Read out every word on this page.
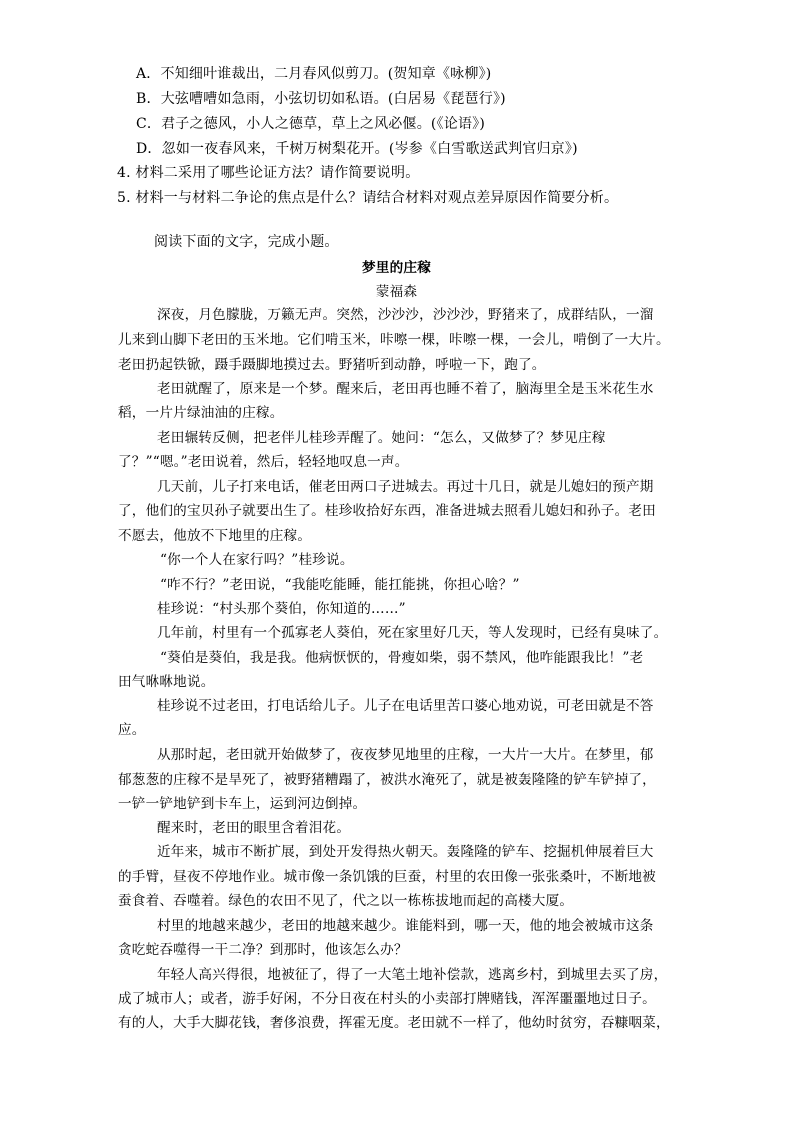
A．不知细叶谁裁出，二月春风似剪刀。(贺知章《咏柳》)
B．大弦嘈嘈如急雨，小弦切切如私语。(白居易《琵琶行》)
C．君子之德风，小人之德草，草上之风必偃。(《论语》)
D．忽如一夜春风来，千树万树梨花开。(岑参《白雪歌送武判官归京》)
4. 材料二采用了哪些论证方法？请作简要说明。
5. 材料一与材料二争论的焦点是什么？请结合材料对观点差异原因作简要分析。
阅读下面的文字，完成小题。
梦里的庄稼
蒙福森
深夜，月色朦胧，万籁无声。突然，沙沙沙，沙沙沙，野猪来了，成群结队，一溜
儿来到山脚下老田的玉米地。它们啃玉米，咔嚓一棵，咔嚓一棵，一会儿，啃倒了一大片。
老田扔起铁锨，蹑手蹑脚地摸过去。野猪听到动静，呼啦一下，跑了。
老田就醒了，原来是一个梦。醒来后，老田再也睡不着了，脑海里全是玉米花生水
稻，一片片绿油油的庄稼。
老田辗转反侧，把老伴儿桂珍弄醒了。她问：“怎么，又做梦了？梦见庄稼
了？”“嗯。”老田说着，然后，轻轻地叹息一声。
几天前，儿子打来电话，催老田两口子进城去。再过十几日，就是儿媳妇的预产期
了，他们的宝贝孙子就要出生了。桂珍收拾好东西，准备进城去照看儿媳妇和孙子。老田
不愿去，他放不下地里的庄稼。
“你一个人在家行吗？”桂珍说。
“咋不行？”老田说，“我能吃能睡，能扛能挑，你担心啥？”
桂珍说：“村头那个葵伯，你知道的……”
几年前，村里有一个孤寡老人葵伯，死在家里好几天，等人发现时，已经有臭味了。
“葵伯是葵伯，我是我。他病恹恹的，骨瘦如柴，弱不禁风，他咋能跟我比！”老
田气咻咻地说。
桂珍说不过老田，打电话给儿子。儿子在电话里苦口婆心地劝说，可老田就是不答
应。
从那时起，老田就开始做梦了，夜夜梦见地里的庄稼，一大片一大片。在梦里，郁
郁葱葱的庄稼不是旱死了，被野猪糟蹋了，被洪水淹死了，就是被轰隆隆的铲车铲掉了，
一铲一铲地铲到卡车上，运到河边倒掉。
醒来时，老田的眼里含着泪花。
近年来，城市不断扩展，到处开发得热火朝天。轰隆隆的铲车、挖掘机伸展着巨大
的手臂，昼夜不停地作业。城市像一条饥饿的巨蚕，村里的农田像一张张桑叶，不断地被
蚕食着、吞噬着。绿色的农田不见了，代之以一栋栋拔地而起的高楼大厦。
村里的地越来越少，老田的地越来越少。谁能料到，哪一天，他的地会被城市这条
贪吃蛇吞噬得一干二净？到那时，他该怎么办？
年轻人高兴得很，地被征了，得了一大笔土地补偿款，逃离乡村，到城里去买了房，
成了城市人；或者，游手好闲，不分日夜在村头的小卖部打牌赌钱，浑浑噩噩地过日子。
有的人，大手大脚花钱，奢侈浪费，挥霍无度。老田就不一样了，他幼时贫穷，吞糠咽菜，
